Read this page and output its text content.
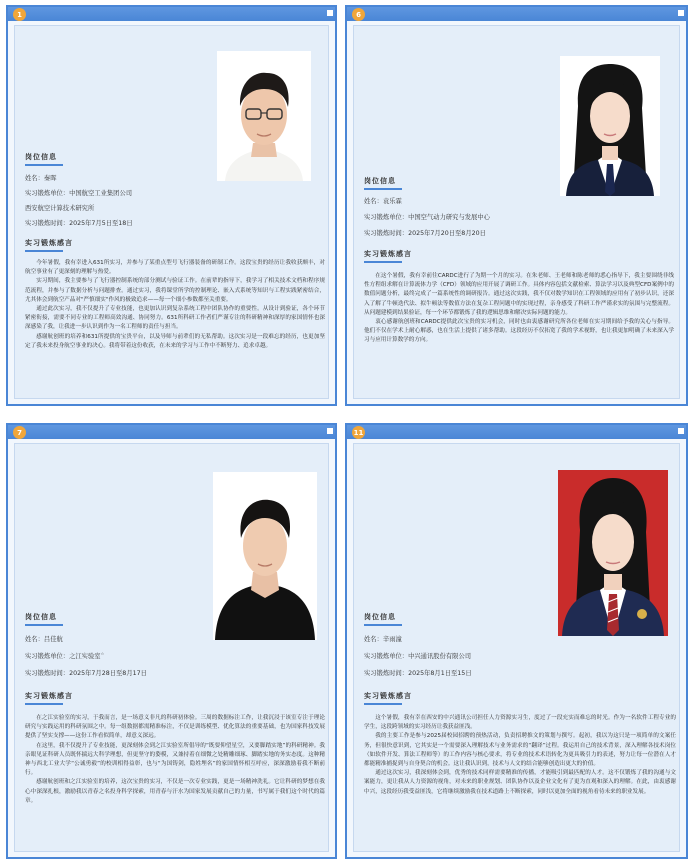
1
岗位信息
姓名：秦晖
实习锻炼单位：中国航空工业集团公司
西安航空计算技术研究所
实习锻炼时间：2025年7月5日至18日
实习锻炼感言

今年暑假，我有幸进入631所实习，并参与了某重点型号飞行器装备的研制工作。这段宝贵的经历让我收获颇丰，对航空事业有了更深刻的理解与热爱。

实习期间，我主要参与了飞行器控制系统的部分测试与验证工作。在前辈的指导下，我学习了相关技术文档和程序规范流程，并参与了数据分析与问题排查。通过实习，我将课堂所学的控制理论、嵌入式系统等知识与工程实践紧密结合，尤其体会到航空产品对"严慎细实"作风的极致追求——每一个细小参数都至关重要。

通过此次实习，我不仅提升了专业技能，也更加认识到复杂系统工程中团队协作的重要性。从设计到验证，各个环节紧密衔接，需要不同专业的工程师高效沟通、协同努力。631所科研工作者们严谨专注的科研精神和深厚的家国情怀也深深感染了我，让我进一步认识到作为一名工程师的责任与担当。

感谢航创班的培养和631所提供的宝贵平台，以及导师与前辈们的无私帮助。这次实习是一段难忘的经历，也更加坚定了我未来投身航空事业的决心。我将带着这份收获，在未来的学习与工作中不断努力、追求卓越。

6
岗位信息
姓名：袁乐霖
实习锻炼单位：中国空气动力研究与发展中心
实习锻炼时间：2025年7月20日至8月20日
实习锻炼感言

在这个暑假，我有幸前往CARDC进行了为期一个月的实习。在朱老师、王老师和陈老师的悉心指导下，我主要围绕非线性方程组求解在计算流体力学（CFD）领域的应用开展了调研工作。具体内容包括文献检索、算法学习以及典型CFD案例中的数值问题分析，最终完成了一篇系统性的调研报告。通过这次实践，我不仅对数学知识在工程领域的应用有了初步认识，还深入了解了牛顿迭代法、拟牛顿法等数值方法在复杂工程问题中的实现过程，亲身感受了科研工作严谨求实的氛围与完整流程。从问题建模到结果验证，每一个环节都锻炼了我的逻辑思维和解决实际问题的能力。

衷心感谢航创班和CARDC提供此次宝贵的实习机会，同时也由衷感谢研究所各位老师在实习期间给予我的关心与指导。他们不仅在学术上耐心解惑，也在生活上提供了诸多帮助。这段经历不仅拓宽了我的学术视野，也让我更加明确了未来深入学习与应用计算数学的方向。

7
岗位信息
姓名：吕佳航
实习锻炼单位：之江实验室☆
实习锻炼时间：2025年7月28日至8月17日
实习锻炼感言

在之江实验室的实习，于我而言，是一场意义非凡的科研初体验。三周的数据标注工作，让我沉浸于该室专注于理论研究与实践运用的科研氛围之中。每一组数据都需精准标注，不仅是训练模型、优化算法的重要基础，也为国家科技发展提供了坚实支撑——这份工作看似简单，却意义深远。

在这里，我不仅提升了专业技能，更深刻体会到之江实验室所倡导的“既要仰望星空，又要脚踏实地”的科研精神。我亲眼见证科研人员既怀揣远大科学理想，但更坚守的姿模，又兼持着在细微之处精雕细琢、脚踏实地的务实态度。这种精神与西北工业大学“公诚勇毅”的校训相得益彰，也与“为国铸剑，隐姓埋名”的家国情怀相互呼应，深深激励着我不断前行。

感谢航创班和之江实验室的培养，这次宝贵的实习，不仅是一次专业实践，更是一场精神洗礼。它让科研的梦想在我心中深深扎根，激励我以青春之名投身科学探索，用青春与汗水为国家发展贡献自己的力量，书写属于我们这个时代的篇章。

11
岗位信息
姓名：辛雨潼
实习锻炼单位：中兴通讯股份有限公司
实习锻炼时间：2025年8月1日至15日
实习锻炼感言

这个暑假，我有幸在西安的中兴通讯公司担任人力资源实习生，度过了一段充实而难忘的时光。作为一名软件工程专业的学生，这段跨领域的实习经历让我获益匪浅。

我的主要工作是参与2025届校园招聘的预热活动，负责招聘推文的策划与撰写。起初，我以为这只是一项简单的文案任务，但很快意识到，它其实是一个需要深入理解技术与业务需求的“翻译”过程。我运用自己的技术背景，深入理解各技术岗位（如软件开发、算法工程师等）的工作内容与核心要求，将专业的技术术语转化为更具吸引力的表述，努力让每一位潜在人才都能精准捕捉到与自身契合的机会。这让我认识到，技术与人文的结合能够创造出更大的价值。

通过这次实习，我深刻体会到，优秀的技术同样需要精准的传播，才能吸引到最匹配的人才。这不仅锻炼了我的沟通与文案能力，更让我从人力资源的视角，对未来的职业规划、团队协作以及企业文化有了更为直观和深入的理解。在此，由衷感谢中兴，这段经历我受益匪浅，它将继续激励我在技术道路上不断探索，同时以更加全面的视角看待未来的职业发展。
